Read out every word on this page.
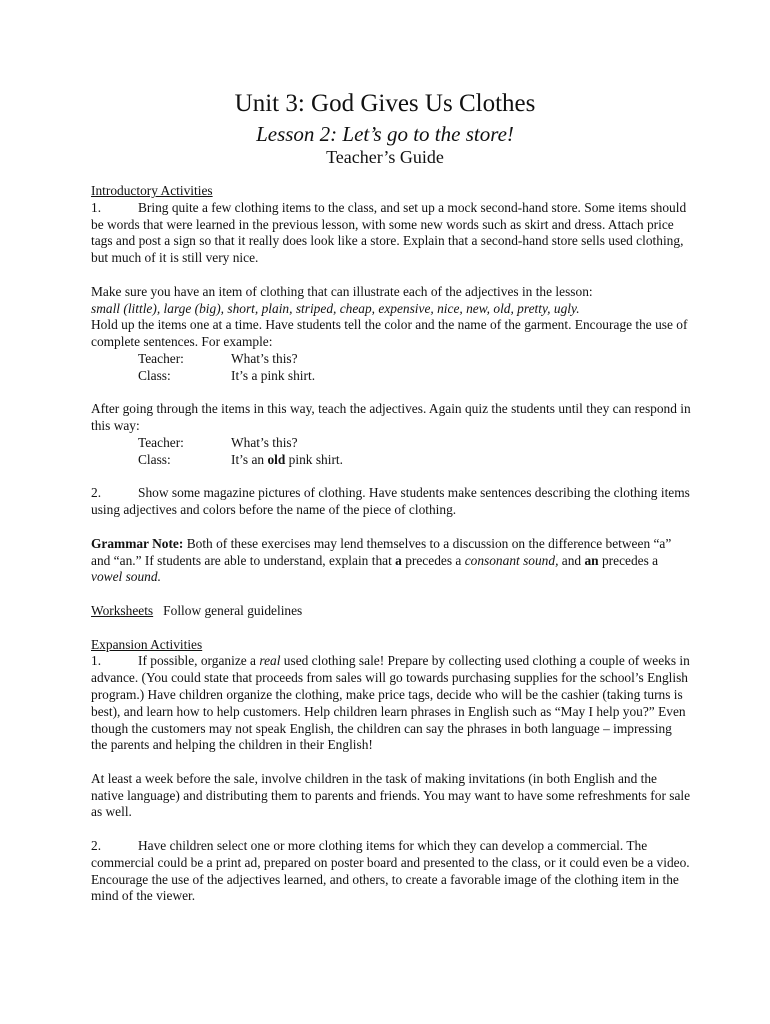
Unit 3: God Gives Us Clothes
Lesson 2: Let’s go to the store!
Teacher’s Guide

Introductory Activities

1.	Bring quite a few clothing items to the class, and set up a mock second-hand store. Some items should be words that were learned in the previous lesson, with some new words such as skirt and dress. Attach price tags and post a sign so that it really does look like a store. Explain that a second-hand store sells used clothing, but much of it is still very nice.

Make sure you have an item of clothing that can illustrate each of the adjectives in the lesson:
small (little), large (big), short, plain, striped, cheap, expensive, nice, new, old, pretty, ugly.
Hold up the items one at a time. Have students tell the color and the name of the garment. Encourage the use of complete sentences. For example:

Teacher:	What’s this?
Class:	It’s a pink shirt.

After going through the items in this way, teach the adjectives. Again quiz the students until they can respond in this way:

Teacher:	What’s this?
Class:	It’s an old pink shirt.

2.	Show some magazine pictures of clothing. Have students make sentences describing the clothing items using adjectives and colors before the name of the piece of clothing.

Grammar Note: Both of these exercises may lend themselves to a discussion on the difference between “a” and “an.” If students are able to understand, explain that a precedes a consonant sound, and an precedes a vowel sound.

Worksheets   Follow general guidelines

Expansion Activities

1.	If possible, organize a real used clothing sale! Prepare by collecting used clothing a couple of weeks in advance. (You could state that proceeds from sales will go towards purchasing supplies for the school’s English program.) Have children organize the clothing, make price tags, decide who will be the cashier (taking turns is best), and learn how to help customers. Help children learn phrases in English such as “May I help you?” Even though the customers may not speak English, the children can say the phrases in both language – impressing the parents and helping the children in their English!

At least a week before the sale, involve children in the task of making invitations (in both English and the native language) and distributing them to parents and friends. You may want to have some refreshments for sale as well.

2.	Have children select one or more clothing items for which they can develop a commercial. The commercial could be a print ad, prepared on poster board and presented to the class, or it could even be a video. Encourage the use of the adjectives learned, and others, to create a favorable image of the clothing item in the mind of the viewer.
